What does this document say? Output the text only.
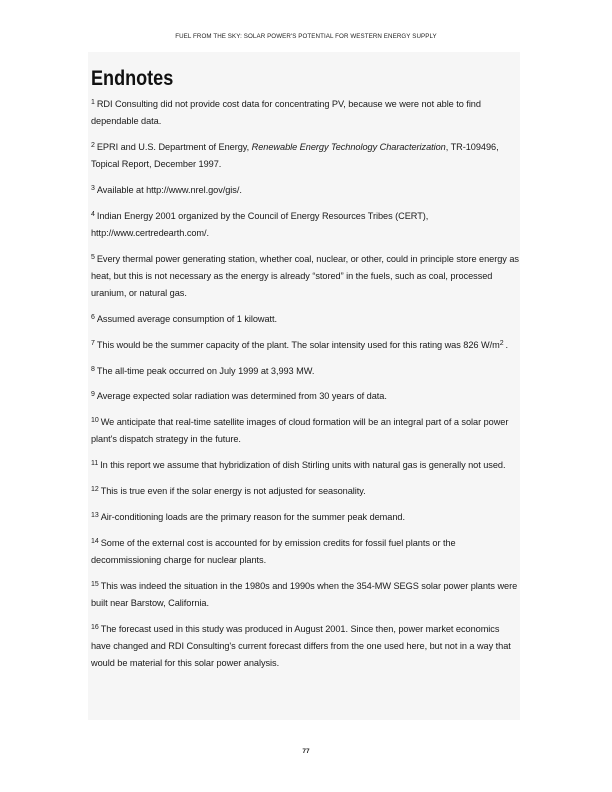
FUEL FROM THE SKY: SOLAR POWER'S POTENTIAL FOR WESTERN ENERGY SUPPLY
Endnotes
$^1$ RDI Consulting did not provide cost data for concentrating PV, because we were not able to find dependable data.
$^2$ EPRI and U.S. Department of Energy, Renewable Energy Technology Characterization, TR-109496, Topical Report, December 1997.
$^3$ Available at http://www.nrel.gov/gis/.
$^4$ Indian Energy 2001 organized by the Council of Energy Resources Tribes (CERT), http://www.certredearth.com/.
$^5$ Every thermal power generating station, whether coal, nuclear, or other, could in principle store energy as heat, but this is not necessary as the energy is already “stored” in the fuels, such as coal, processed uranium, or natural gas.
$^6$ Assumed average consumption of 1 kilowatt.
$^7$ This would be the summer capacity of the plant. The solar intensity used for this rating was 826 $W/m^2$ .
$^8$ The all-time peak occurred on July 1999 at 3,993 MW.
$^9$ Average expected solar radiation was determined from 30 years of data.
$^{10}$ We anticipate that real-time satellite images of cloud formation will be an integral part of a solar power plant's dispatch strategy in the future.
$^{11}$ In this report we assume that hybridization of dish Stirling units with natural gas is generally not used.
$^{12}$ This is true even if the solar energy is not adjusted for seasonality.
$^{13}$ Air-conditioning loads are the primary reason for the summer peak demand.
$^{14}$ Some of the external cost is accounted for by emission credits for fossil fuel plants or the decommissioning charge for nuclear plants.
$^{15}$ This was indeed the situation in the 1980s and 1990s when the 354-MW SEGS solar power plants were built near Barstow, California.
$^{16}$ The forecast used in this study was produced in August 2001. Since then, power market economics have changed and RDI Consulting's current forecast differs from the one used here, but not in a way that would be material for this solar power analysis.
77
